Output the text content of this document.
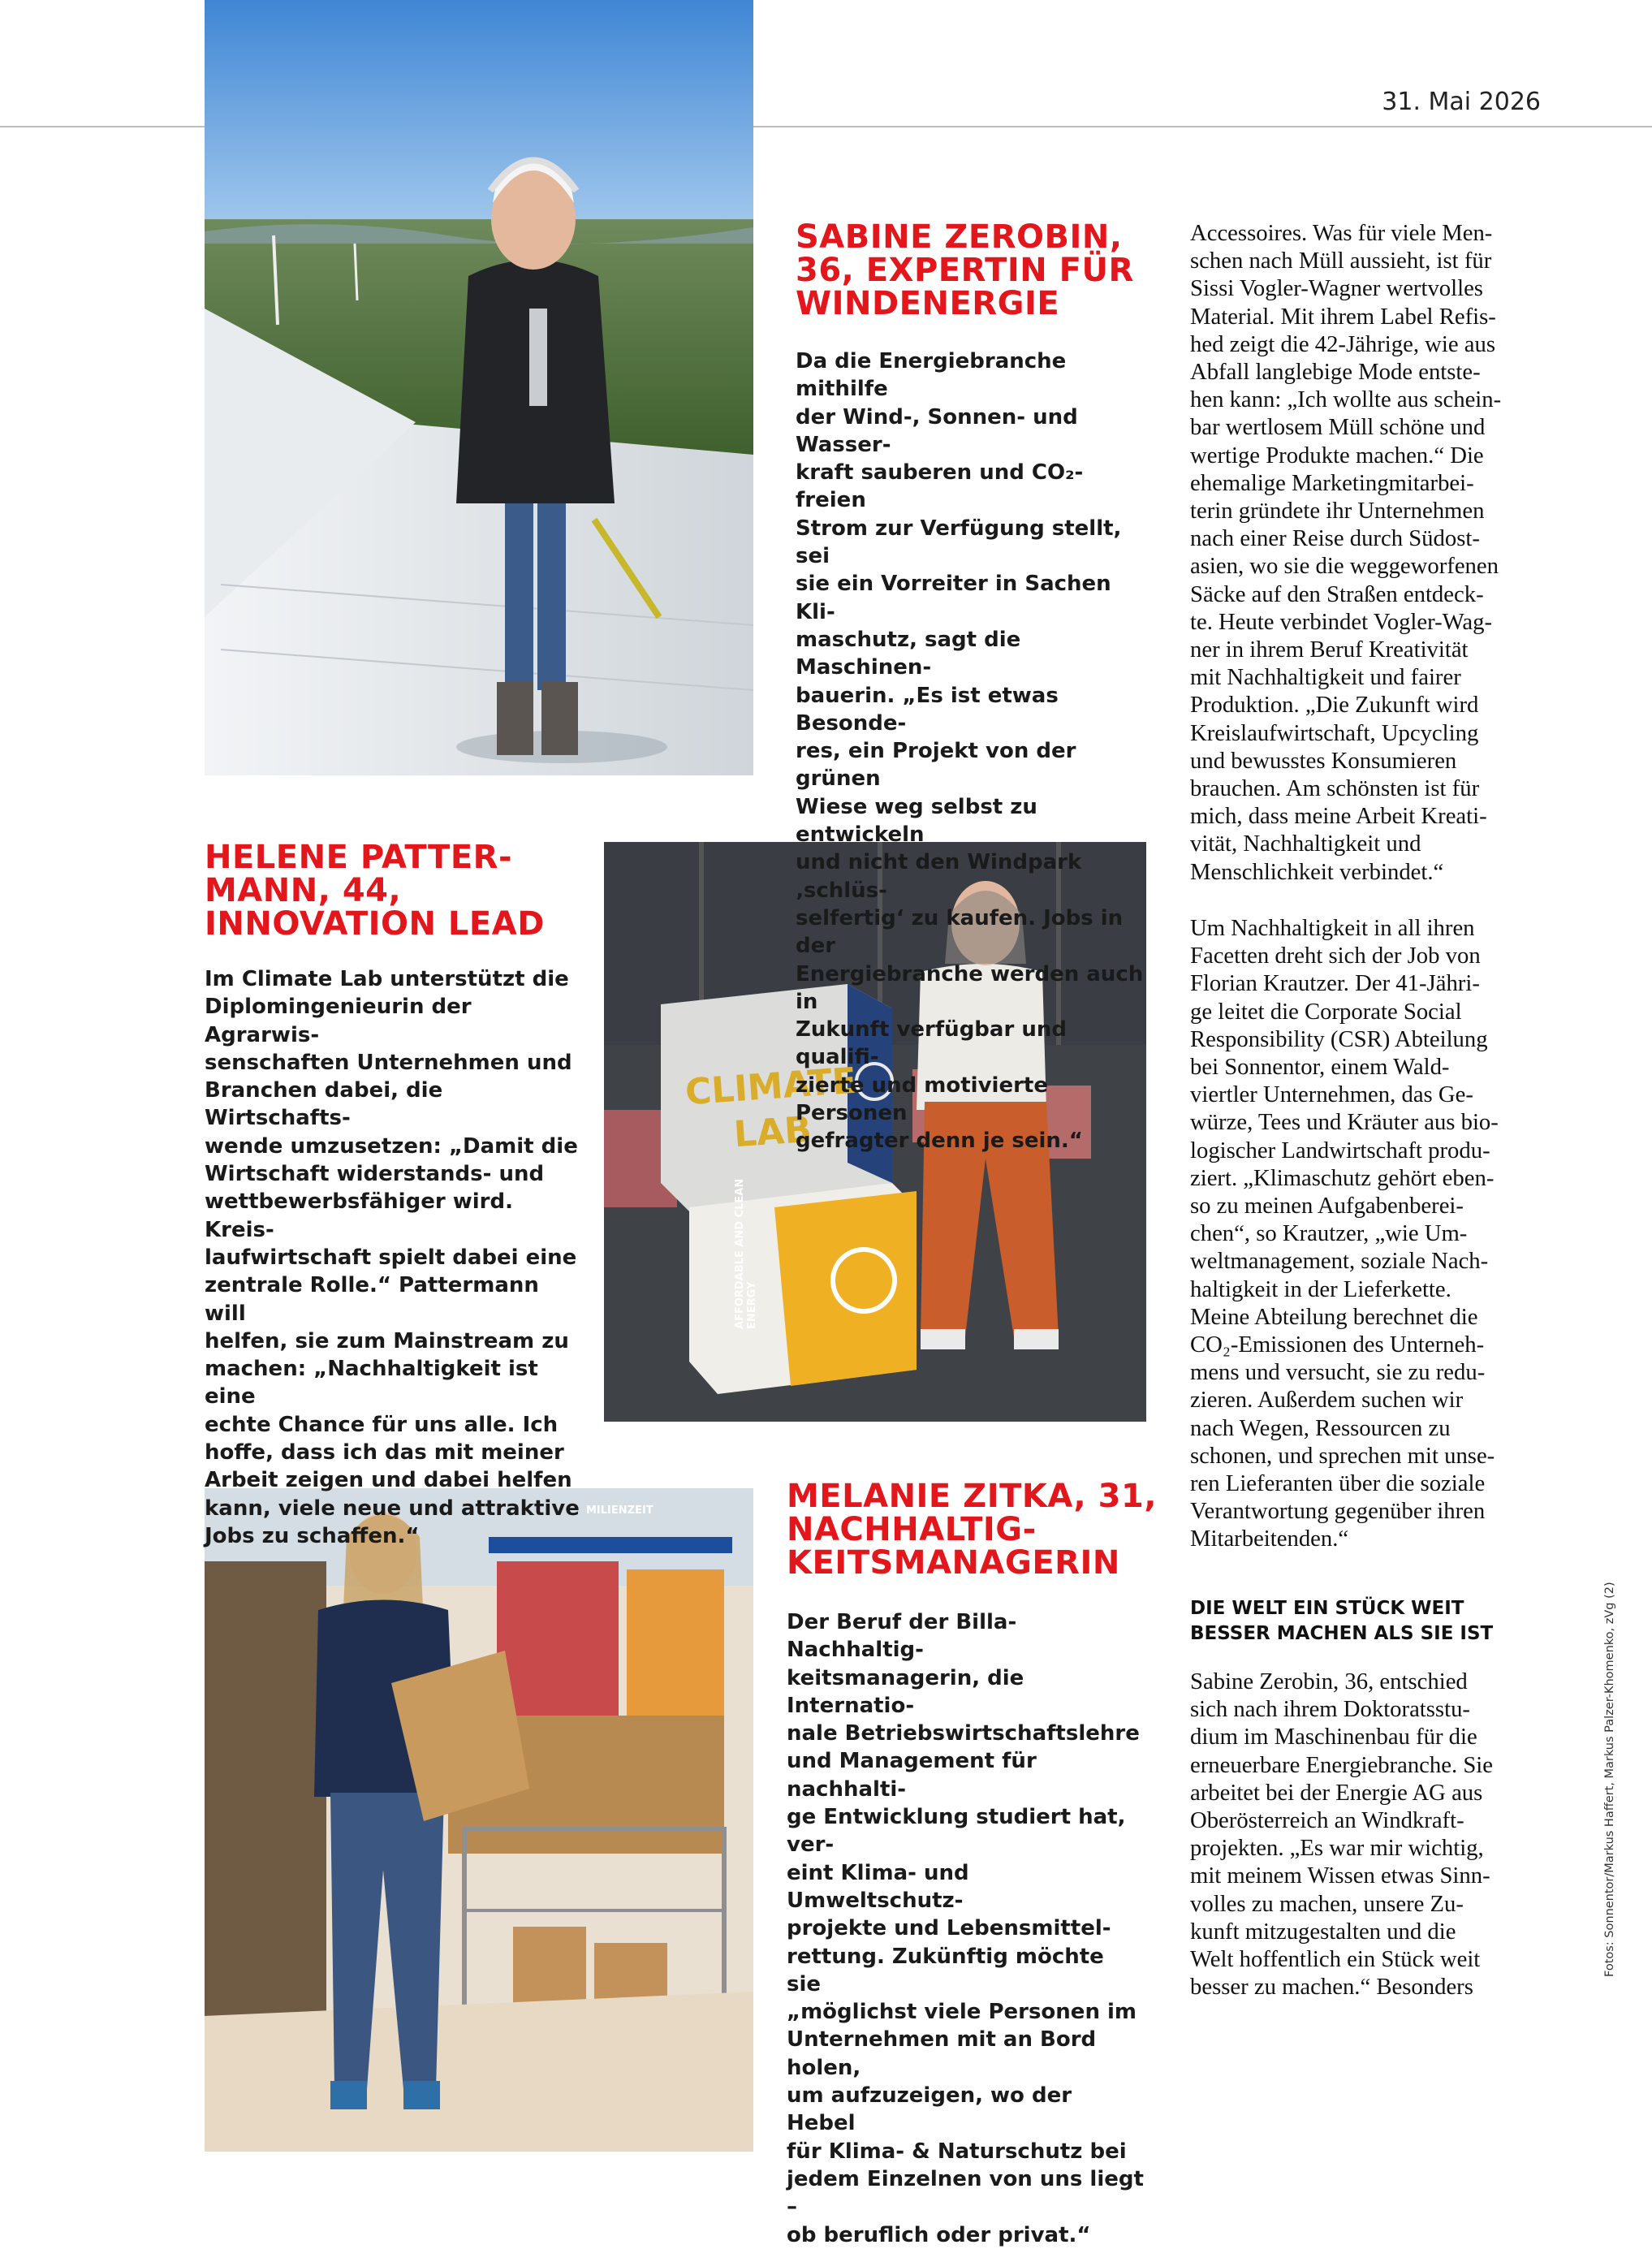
31. Mai 2026
CLIMATE
LAB
AFFORDABLE AND CLEAN ENERGY
MILIENZEIT
SABINE ZEROBIN,
36, EXPERTIN FÜR
WINDENERGIE

Da die Energiebranche mithilfe
der Wind-, Sonnen- und Wasser-
kraft sauberen und CO₂-freien
Strom zur Verfügung stellt, sei
sie ein Vorreiter in Sachen Kli-
maschutz, sagt die Maschinen-
bauerin. „Es ist etwas Besonde-
res, ein Projekt von der grünen
Wiese weg selbst zu entwickeln
und nicht den Windpark ‚schlüs-
selfertig‘ zu kaufen. Jobs in der
Energiebranche werden auch in
Zukunft verfügbar und qualifi-
zierte und motivierte Personen
gefragter denn je sein.“

HELENE PATTER-
MANN, 44,
INNOVATION LEAD

Im Climate Lab unterstützt die
Diplomingenieurin der Agrarwis-
senschaften Unternehmen und
Branchen dabei, die Wirtschafts-
wende umzusetzen: „Damit die
Wirtschaft widerstands- und
wettbewerbsfähiger wird. Kreis-
laufwirtschaft spielt dabei eine
zentrale Rolle.“ Pattermann will
helfen, sie zum Mainstream zu
machen: „Nachhaltigkeit ist eine
echte Chance für uns alle. Ich
hoffe, dass ich das mit meiner
Arbeit zeigen und dabei helfen
kann, viele neue und attraktive
Jobs zu schaffen.“

MELANIE ZITKA, 31,
NACHHALTIG-
KEITSMANAGERIN

Der Beruf der Billa-Nachhaltig-
keitsmanagerin, die Internatio-
nale Betriebswirtschaftslehre
und Management für nachhalti-
ge Entwicklung studiert hat, ver-
eint Klima- und Umweltschutz-
projekte und Lebensmittel-
rettung. Zukünftig möchte sie
„möglichst viele Personen im
Unternehmen mit an Bord holen,
um aufzuzeigen, wo der Hebel
für Klima- & Naturschutz bei
jedem Einzelnen von uns liegt –
ob beruflich oder privat.“

Accessoires. Was für viele Men-
schen nach Müll aussieht, ist für
Sissi Vogler-Wagner wertvolles
Material. Mit ihrem Label Refis-
hed zeigt die 42-Jährige, wie aus
Abfall langlebige Mode entste-
hen kann: „Ich wollte aus schein-
bar wertlosem Müll schöne und
wertige Produkte machen.“ Die
ehemalige Marketingmitarbei-
terin gründete ihr Unternehmen
nach einer Reise durch Südost-
asien, wo sie die weggeworfenen
Säcke auf den Straßen entdeck-
te. Heute verbindet Vogler-Wag-
ner in ihrem Beruf Kreativität
mit Nachhaltigkeit und fairer
Produktion. „Die Zukunft wird
Kreislaufwirtschaft, Upcycling
und bewusstes Konsumieren
brauchen. Am schönsten ist für
mich, dass meine Arbeit Kreati-
vität, Nachhaltigkeit und
Menschlichkeit verbindet.“

Um Nachhaltigkeit in all ihren
Facetten dreht sich der Job von
Florian Krautzer. Der 41-Jähri-
ge leitet die Corporate Social
Responsibility (CSR) Abteilung
bei Sonnentor, einem Wald-
viertler Unternehmen, das Ge-
würze, Tees und Kräuter aus bio-
logischer Landwirtschaft produ-
ziert. „Klimaschutz gehört eben-
so zu meinen Aufgabenberei-
chen“, so Krautzer, „wie Um-
weltmanagement, soziale Nach-
haltigkeit in der Lieferkette.
Meine Abteilung berechnet die
CO₂-Emissionen des Unterneh-
mens und versucht, sie zu redu-
zieren. Außerdem suchen wir
nach Wegen, Ressourcen zu
schonen, und sprechen mit unse-
ren Lieferanten über die soziale
Verantwortung gegenüber ihren
Mitarbeitenden.“

DIE WELT EIN STÜCK WEIT
BESSER MACHEN ALS SIE IST

Sabine Zerobin, 36, entschied
sich nach ihrem Doktoratsstu-
dium im Maschinenbau für die
erneuerbare Energiebranche. Sie
arbeitet bei der Energie AG aus
Oberösterreich an Windkraft-
projekten. „Es war mir wichtig,
mit meinem Wissen etwas Sinn-
volles zu machen, unsere Zu-
kunft mitzugestalten und die
Welt hoffentlich ein Stück weit
besser zu machen.“ Besonders

Fotos: Sonnentor/Markus Haffert, Markus Palzer-Khomenko, zVg (2)
